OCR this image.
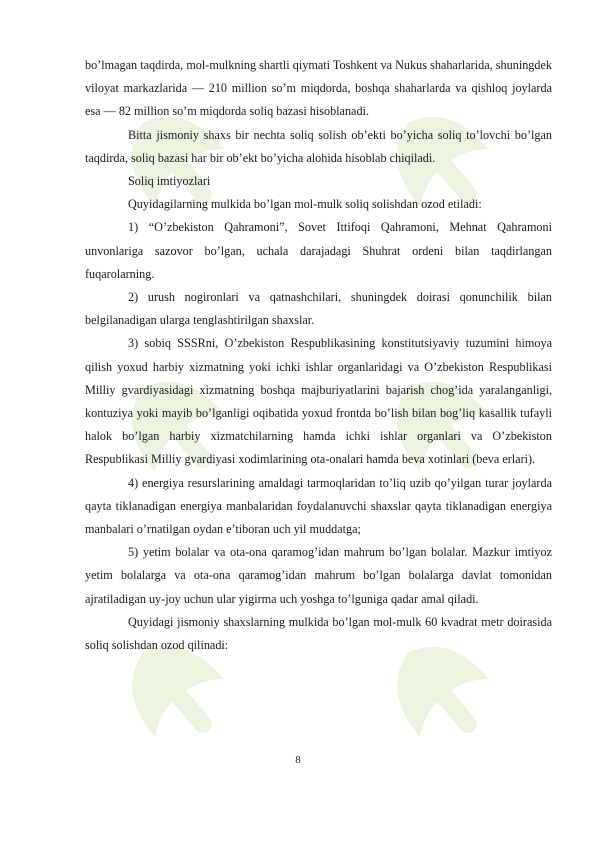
bo’lmagan taqdirda, mol-mulkning shartli qiymati Toshkent va Nukus shaharlarida, shuningdek viloyat markazlarida — 210 million so’m miqdorda, boshqa shaharlarda va qishloq joylarda esa — 82 million so’m miqdorda soliq bazasi hisoblanadi.

Bitta jismoniy shaxs bir nechta soliq solish ob’ekti bo’yicha soliq to’lovchi bo’lgan taqdirda, soliq bazasi har bir ob’ekt bo’yicha alohida hisoblab chiqiladi.

Soliq imtiyozlari

Quyidagilarning mulkida bo’lgan mol-mulk soliq solishdan ozod etiladi:

1) “O’zbekiston Qahramoni”, Sovet Ittifoqi Qahramoni, Mehnat Qahramoni unvonlariga sazovor bo’lgan, uchala darajadagi Shuhrat ordeni bilan taqdirlangan fuqarolarning.

2) urush nogironlari va qatnashchilari, shuningdek doirasi qonunchilik bilan belgilanadigan ularga tenglashtirilgan shaxslar.

3) sobiq SSSRni, O’zbekiston Respublikasining konstitutsiyaviy tuzumini himoya qilish yoxud harbiy xizmatning yoki ichki ishlar organlaridagi va O’zbekiston Respublikasi Milliy gvardiyasidagi xizmatning boshqa majburiyatlarini bajarish chog’ida yaralanganligi, kontuziya yoki mayib bo’lganligi oqibatida yoxud frontda bo’lish bilan bog’liq kasallik tufayli halok bo’lgan harbiy xizmatchilarning hamda ichki ishlar organlari va O’zbekiston Respublikasi Milliy gvardiyasi xodimlarining ota-onalari hamda beva xotinlari (beva erlari).

4) energiya resurslarining amaldagi tarmoqlaridan to’liq uzib qo’yilgan turar joylarda qayta tiklanadigan energiya manbalaridan foydalanuvchi shaxslar qayta tiklanadigan energiya manbalari o’rnatilgan oydan e’tiboran uch yil muddatga;

5) yetim bolalar va ota-ona qaramog’idan mahrum bo’lgan bolalar. Mazkur imtiyoz yetim bolalarga va ota-ona qaramog’idan mahrum bo’lgan bolalarga davlat tomonidan ajratiladigan uy-joy uchun ular yigirma uch yoshga to’lguniga qadar amal qiladi.

Quyidagi jismoniy shaxslarning mulkida bo’lgan mol-mulk 60 kvadrat metr doirasida soliq solishdan ozod qilinadi:

8
